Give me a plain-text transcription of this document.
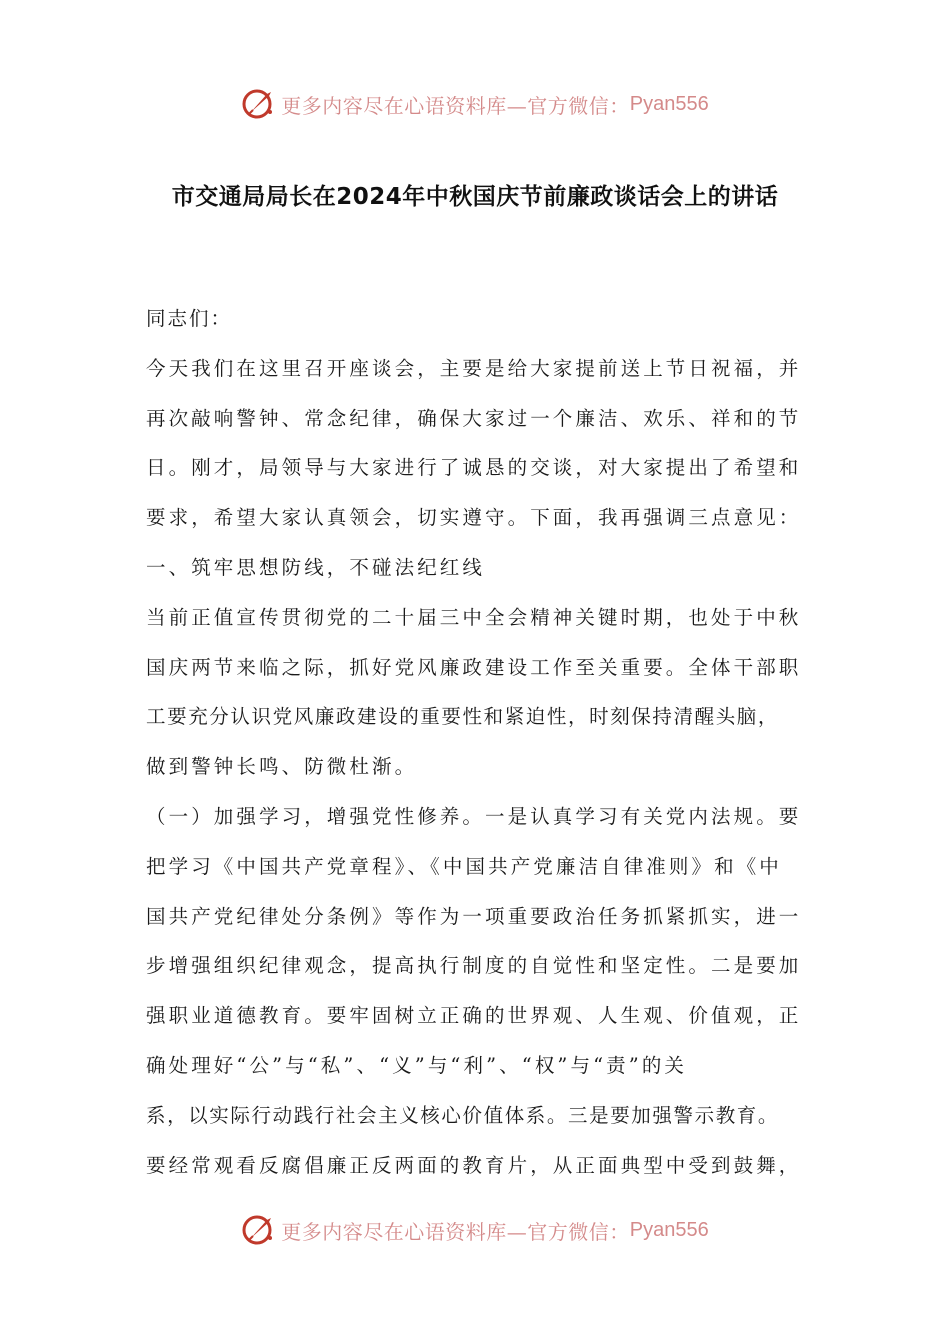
更多内容尽在心语资料库—官方微信： Pyan556
市交通局局长在2024年中秋国庆节前廉政谈话会上的讲话
同志们：
今天我们在这里召开座谈会，主要是给大家提前送上节日祝福，并
再次敲响警钟、常念纪律，确保大家过一个廉洁、欢乐、祥和的节
日。刚才，局领导与大家进行了诚恳的交谈，对大家提出了希望和
要求，希望大家认真领会，切实遵守。下面，我再强调三点意见：
一、筑牢思想防线，不碰法纪红线
当前正值宣传贯彻党的二十届三中全会精神关键时期，也处于中秋
国庆两节来临之际，抓好党风廉政建设工作至关重要。全体干部职
工要充分认识党风廉政建设的重要性和紧迫性，时刻保持清醒头脑，
做到警钟长鸣、防微杜渐。
（一）加强学习，增强党性修养。一是认真学习有关党内法规。要
把学习《中国共产党章程》、《中国共产党廉洁自律准则》和《中
国共产党纪律处分条例》等作为一项重要政治任务抓紧抓实，进一
步增强组织纪律观念，提高执行制度的自觉性和坚定性。二是要加
强职业道德教育。要牢固树立正确的世界观、人生观、价值观，正
确处理好“公”与“私”、“义”与“利”、“权”与“责”的关
系，以实际行动践行社会主义核心价值体系。三是要加强警示教育。
要经常观看反腐倡廉正反两面的教育片，从正面典型中受到鼓舞，
更多内容尽在心语资料库—官方微信： Pyan556
